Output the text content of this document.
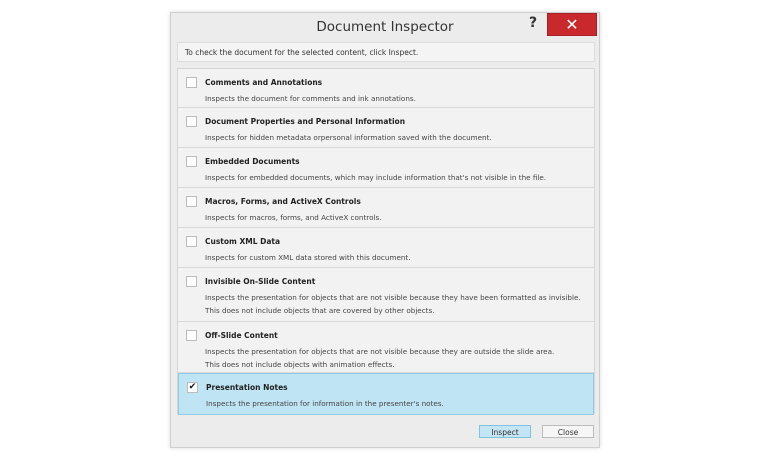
Document Inspector	?	✕
To check the document for the selected content, click Inspect.
Comments and Annotations
Inspects the document for comments and ink annotations.
Document Properties and Personal Information
Inspects for hidden metadata orpersonal information saved with the document.
Embedded Documents
Inspects for embedded documents, which may include information that's not visible in the file.
Macros, Forms, and ActiveX Controls
Inspects for macros, forms, and ActiveX controls.
Custom XML Data
Inspects for custom XML data stored with this document.
Invisible On-Slide Content
Inspects the presentation for objects that are not visible because they have been formatted as invisible.
This does not include objects that are covered by other objects.
Off-Slide Content
Inspects the presentation for objects that are not visible because they are outside the slide area.
This does not include objects with animation effects.
✔ Presentation Notes
Inspects the presentation for information in the presenter's notes.
Inspect	Close
